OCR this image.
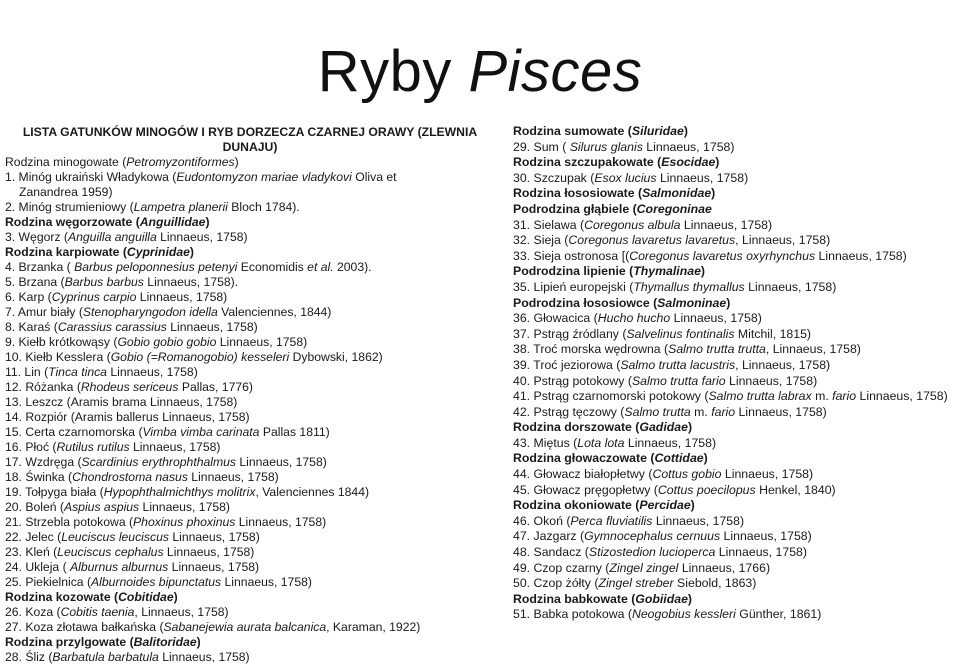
Ryby Pisces
LISTA GATUNKÓW MINOGÓW I RYB DORZECZA CZARNEJ ORAWY (ZLEWNIA DUNAJU)
Rodzina minogowate (Petromyzontiformes)
1. Minóg ukraiński Władykowa (Eudontomyzon mariae vladykovi Oliva et
Zanandrea 1959)
2. Minóg strumieniowy (Lampetra planerii Bloch 1784).
Rodzina węgorzowate (Anguillidae)
3. Węgorz (Anguilla anguilla Linnaeus, 1758)
Rodzina karpiowate (Cyprinidae)
4. Brzanka ( Barbus peloponnesius petenyi Economidis et al. 2003).
5. Brzana (Barbus barbus Linnaeus, 1758).
6. Karp (Cyprinus carpio Linnaeus, 1758)
7. Amur biały (Stenopharyngodon idella Valenciennes, 1844)
8. Karaś (Carassius carassius Linnaeus, 1758)
9. Kiełb krótkowąsy (Gobio gobio gobio Linnaeus, 1758)
10. Kiełb Kesslera (Gobio (=Romanogobio) kesseleri Dybowski, 1862)
11. Lin (Tinca tinca Linnaeus, 1758)
12. Różanka (Rhodeus sericeus Pallas, 1776)
13. Leszcz (Aramis brama Linnaeus, 1758)
14. Rozpiór (Aramis ballerus Linnaeus, 1758)
15. Certa czarnomorska (Vimba vimba carinata Pallas 1811)
16. Płoć (Rutilus rutilus Linnaeus, 1758)
17. Wzdręga (Scardinius erythrophthalmus Linnaeus, 1758)
18. Świnka (Chondrostoma nasus Linnaeus, 1758)
19. Tołpyga biała (Hypophthalmichthys molitrix, Valenciennes 1844)
20. Boleń (Aspius aspius Linnaeus, 1758)
21. Strzebla potokowa (Phoxinus phoxinus Linnaeus, 1758)
22. Jelec (Leuciscus leuciscus Linnaeus, 1758)
23. Kleń (Leuciscus cephalus Linnaeus, 1758)
24. Ukleja ( Alburnus alburnus Linnaeus, 1758)
25. Piekielnica (Alburnoides bipunctatus Linnaeus, 1758)
Rodzina kozowate (Cobitidae)
26. Koza (Cobitis taenia, Linnaeus, 1758)
27. Koza złotawa bałkańska (Sabanejewia aurata balcanica, Karaman, 1922)
Rodzina przylgowate (Balitoridae)
28. Śliz (Barbatula barbatula Linnaeus, 1758)
Rodzina sumowate (Siluridae)
29. Sum ( Silurus glanis Linnaeus, 1758)
Rodzina szczupakowate (Esocidae)
30. Szczupak (Esox lucius Linnaeus, 1758)
Rodzina łososiowate (Salmonidae)
Podrodzina głąbiele (Coregoninae
31. Sielawa (Coregonus albula Linnaeus, 1758)
32. Sieja (Coregonus lavaretus lavaretus, Linnaeus, 1758)
33. Sieja ostronosa [(Coregonus lavaretus oxyrhynchus Linnaeus, 1758)
Podrodzina lipienie (Thymalinae)
35. Lipień europejski (Thymallus thymallus Linnaeus, 1758)
Podrodzina łososiowce (Salmoninae)
36. Głowacica (Hucho hucho Linnaeus, 1758)
37. Pstrąg źródlany (Salvelinus fontinalis Mitchil, 1815)
38. Troć morska wędrowna (Salmo trutta trutta, Linnaeus, 1758)
39. Troć jeziorowa (Salmo trutta lacustris, Linnaeus, 1758)
40. Pstrąg potokowy (Salmo trutta fario Linnaeus, 1758)
41. Pstrąg czarnomorski potokowy (Salmo trutta labrax m. fario Linnaeus, 1758)
42. Pstrąg tęczowy (Salmo trutta m. fario Linnaeus, 1758)
Rodzina dorszowate (Gadidae)
43. Miętus (Lota lota Linnaeus, 1758)
Rodzina głowaczowate (Cottidae)
44. Głowacz białopłetwy (Cottus gobio Linnaeus, 1758)
45. Głowacz pręgopłetwy (Cottus poecilopus Henkel, 1840)
Rodzina okoniowate (Percidae)
46. Okoń (Perca fluviatilis Linnaeus, 1758)
47. Jazgarz (Gymnocephalus cernuus Linnaeus, 1758)
48. Sandacz (Stizostedion lucioperca Linnaeus, 1758)
49. Czop czarny (Zingel zingel Linnaeus, 1766)
50. Czop żółty (Zingel streber Siebold, 1863)
Rodzina babkowate (Gobiidae)
51. Babka potokowa (Neogobius kessleri Günther, 1861)
